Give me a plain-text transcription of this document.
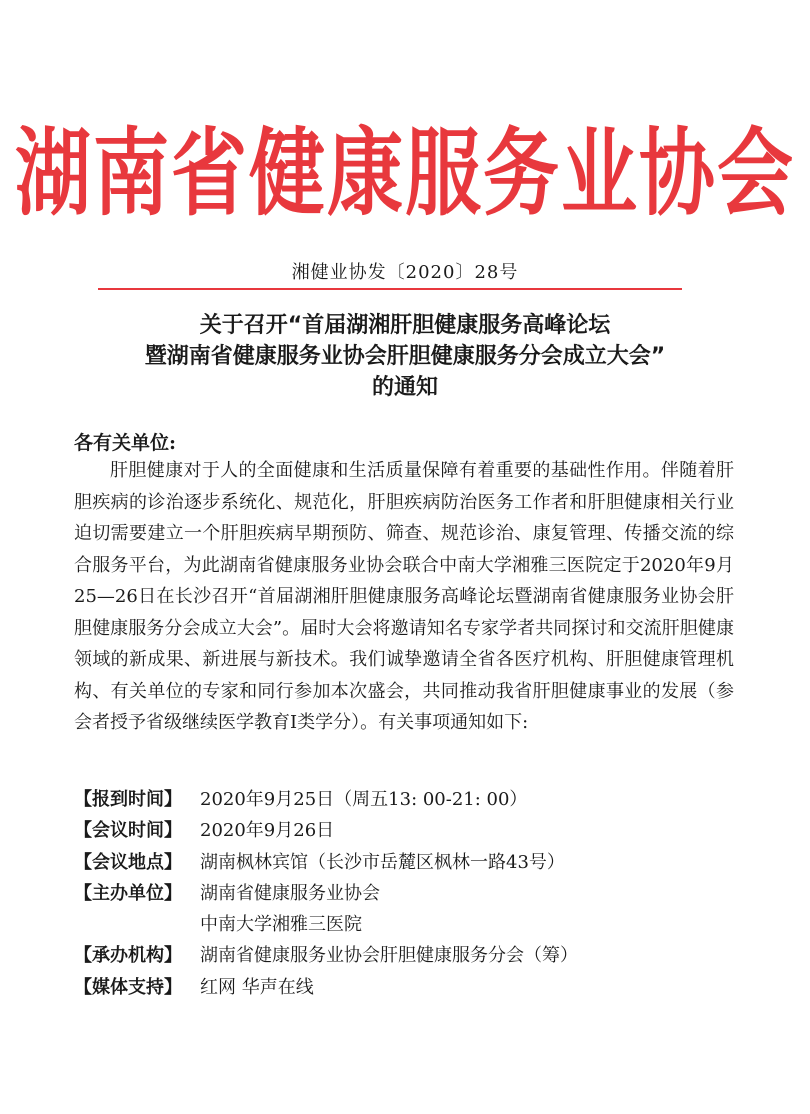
湖南省健康服务业协会
湘健业协发〔2020〕28号
关于召开“首届湖湘肝胆健康服务高峰论坛
暨湖南省健康服务业协会肝胆健康服务分会成立大会”
的通知
各有关单位:

肝胆健康对于人的全面健康和生活质量保障有着重要的基础性作用。伴随着肝胆疾病的诊治逐步系统化、规范化，肝胆疾病防治医务工作者和肝胆健康相关行业迫切需要建立一个肝胆疾病早期预防、筛查、规范诊治、康复管理、传播交流的综合服务平台，为此湖南省健康服务业协会联合中南大学湘雅三医院定于2020年9月25—26日在长沙召开“首届湖湘肝胆健康服务高峰论坛暨湖南省健康服务业协会肝胆健康服务分会成立大会”。届时大会将邀请知名专家学者共同探讨和交流肝胆健康领域的新成果、新进展与新技术。我们诚挚邀请全省各医疗机构、肝胆健康管理机构、有关单位的专家和同行参加本次盛会，共同推动我省肝胆健康事业的发展（参会者授予省级继续医学教育Ⅰ类学分）。有关事项通知如下:

【报到时间】	2020年9月25日（周五13: 00-21: 00）
【会议时间】	2020年9月26日
【会议地点】	湖南枫林宾馆（长沙市岳麓区枫林一路43号）
【主办单位】	湖南省健康服务业协会
中南大学湘雅三医院
【承办机构】	湖南省健康服务业协会肝胆健康服务分会（筹）
【媒体支持】	红网 华声在线
